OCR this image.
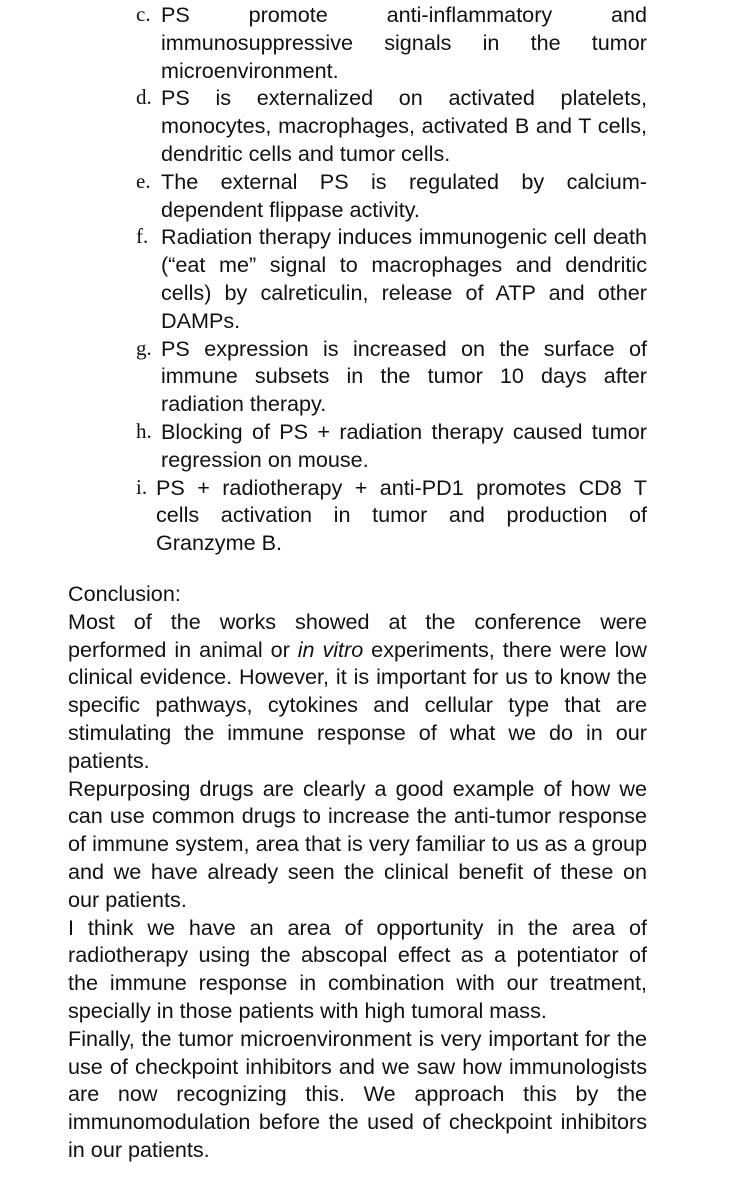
c. PS promote anti-inflammatory and immunosuppressive signals in the tumor microenvironment.
d. PS is externalized on activated platelets, monocytes, macrophages, activated B and T cells, dendritic cells and tumor cells.
e. The external PS is regulated by calcium-dependent flippase activity.
f. Radiation therapy induces immunogenic cell death (“eat me” signal to macrophages and dendritic cells) by calreticulin, release of ATP and other DAMPs.
g. PS expression is increased on the surface of immune subsets in the tumor 10 days after radiation therapy.
h. Blocking of PS + radiation therapy caused tumor regression on mouse.
i. PS + radiotherapy + anti-PD1 promotes CD8 T cells activation in tumor and production of Granzyme B.
Conclusion:

Most of the works showed at the conference were performed in animal or in vitro experiments, there were low clinical evidence. However, it is important for us to know the specific pathways, cytokines and cellular type that are stimulating the immune response of what we do in our patients.

Repurposing drugs are clearly a good example of how we can use common drugs to increase the anti-tumor response of immune system, area that is very familiar to us as a group and we have already seen the clinical benefit of these on our patients.

I think we have an area of opportunity in the area of radiotherapy using the abscopal effect as a potentiator of the immune response in combination with our treatment, specially in those patients with high tumoral mass.

Finally, the tumor microenvironment is very important for the use of checkpoint inhibitors and we saw how immunologists are now recognizing this. We approach this by the immunomodulation before the used of checkpoint inhibitors in our patients.
